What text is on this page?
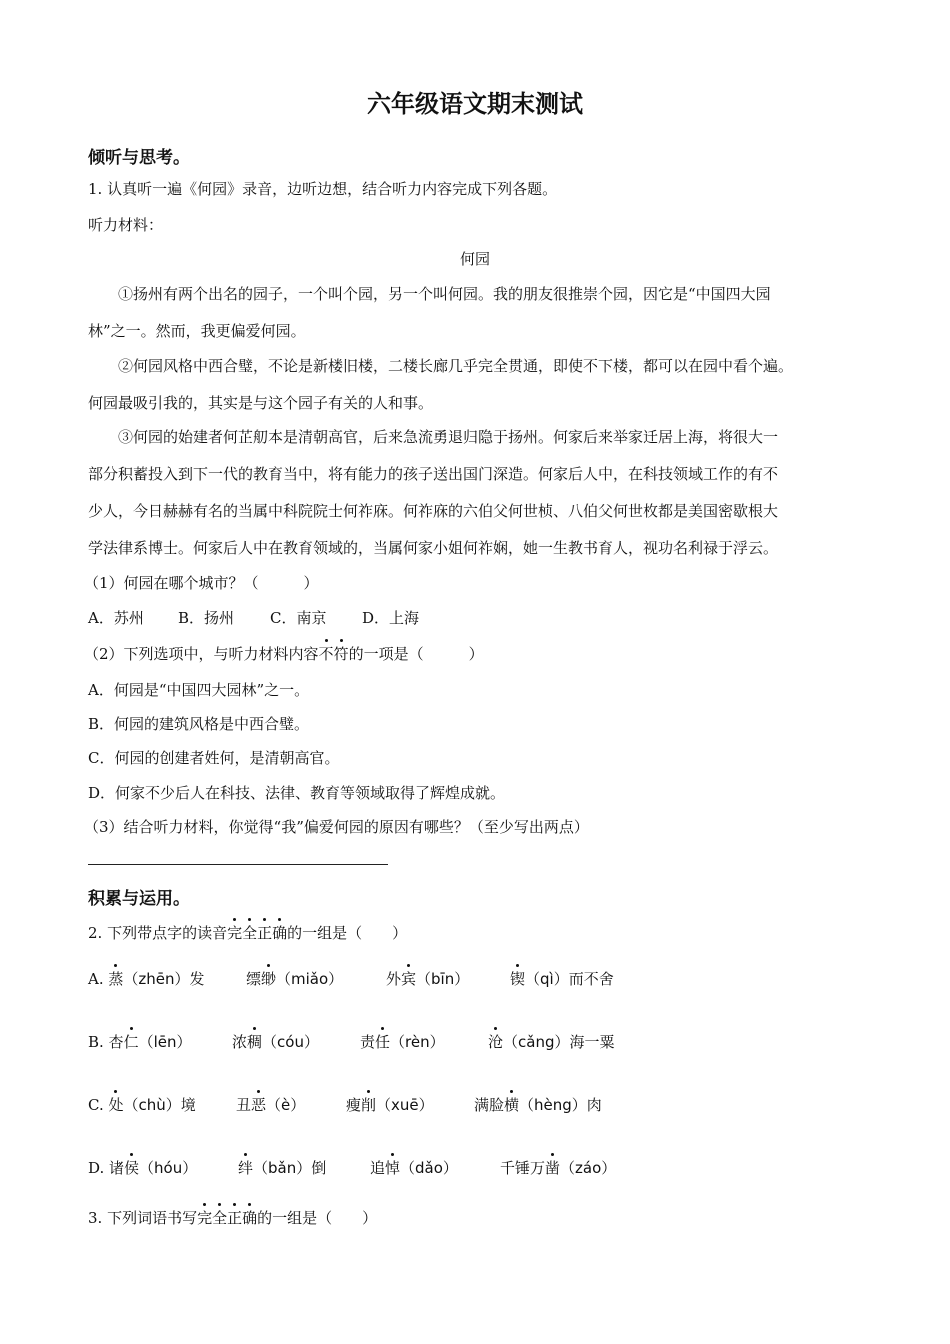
六年级语文期末测试
倾听与思考。
1. 认真听一遍《何园》录音，边听边想，结合听力内容完成下列各题。
听力材料：
何园
①扬州有两个出名的园子，一个叫个园，另一个叫何园。我的朋友很推崇个园，因它是“中国四大园
林”之一。然而，我更偏爱何园。
②何园风格中西合璧，不论是新楼旧楼，二楼长廊几乎完全贯通，即使不下楼，都可以在园中看个遍。
何园最吸引我的，其实是与这个园子有关的人和事。
③何园的始建者何芷舠本是清朝高官，后来急流勇退归隐于扬州。何家后来举家迁居上海，将很大一
部分积蓄投入到下一代的教育当中，将有能力的孩子送出国门深造。何家后人中，在科技领域工作的有不
少人，今日赫赫有名的当属中科院院士何祚庥。何祚庥的六伯父何世桢、八伯父何世枚都是美国密歇根大
学法律系博士。何家后人中在教育领域的，当属何家小姐何祚娴，她一生教书育人，视功名利禄于浮云。
（1）何园在哪个城市？（　　　）
A．苏州 B．扬州 C．南京 D．上海
（2）下列选项中，与听力材料内容不符的一项是（　　　）
A．何园是“中国四大园林”之一。
B．何园的建筑风格是中西合璧。
C．何园的创建者姓何，是清朝高官。
D．何家不少后人在科技、法律、教育等领域取得了辉煌成就。
（3）结合听力材料，你觉得“我”偏爱何园的原因有哪些？（至少写出两点）
积累与运用。
2. 下列带点字的读音完全正确的一组是（　　）
A. 蒸（zhēn）发	缥缈（miǎo）	外宾（bīn）	锲（qì）而不舍
B. 杏仁（lēn）	浓稠（cóu）	责任（rèn）	沧（cǎng）海一粟
C. 处（chù）境	丑恶（è）	瘦削（xuē）	满脸横（hèng）肉
D. 诸侯（hóu）	绊（bǎn）倒	追悼（dǎo）	千锤万凿（záo）
3. 下列词语书写完全正确的一组是（　　）
